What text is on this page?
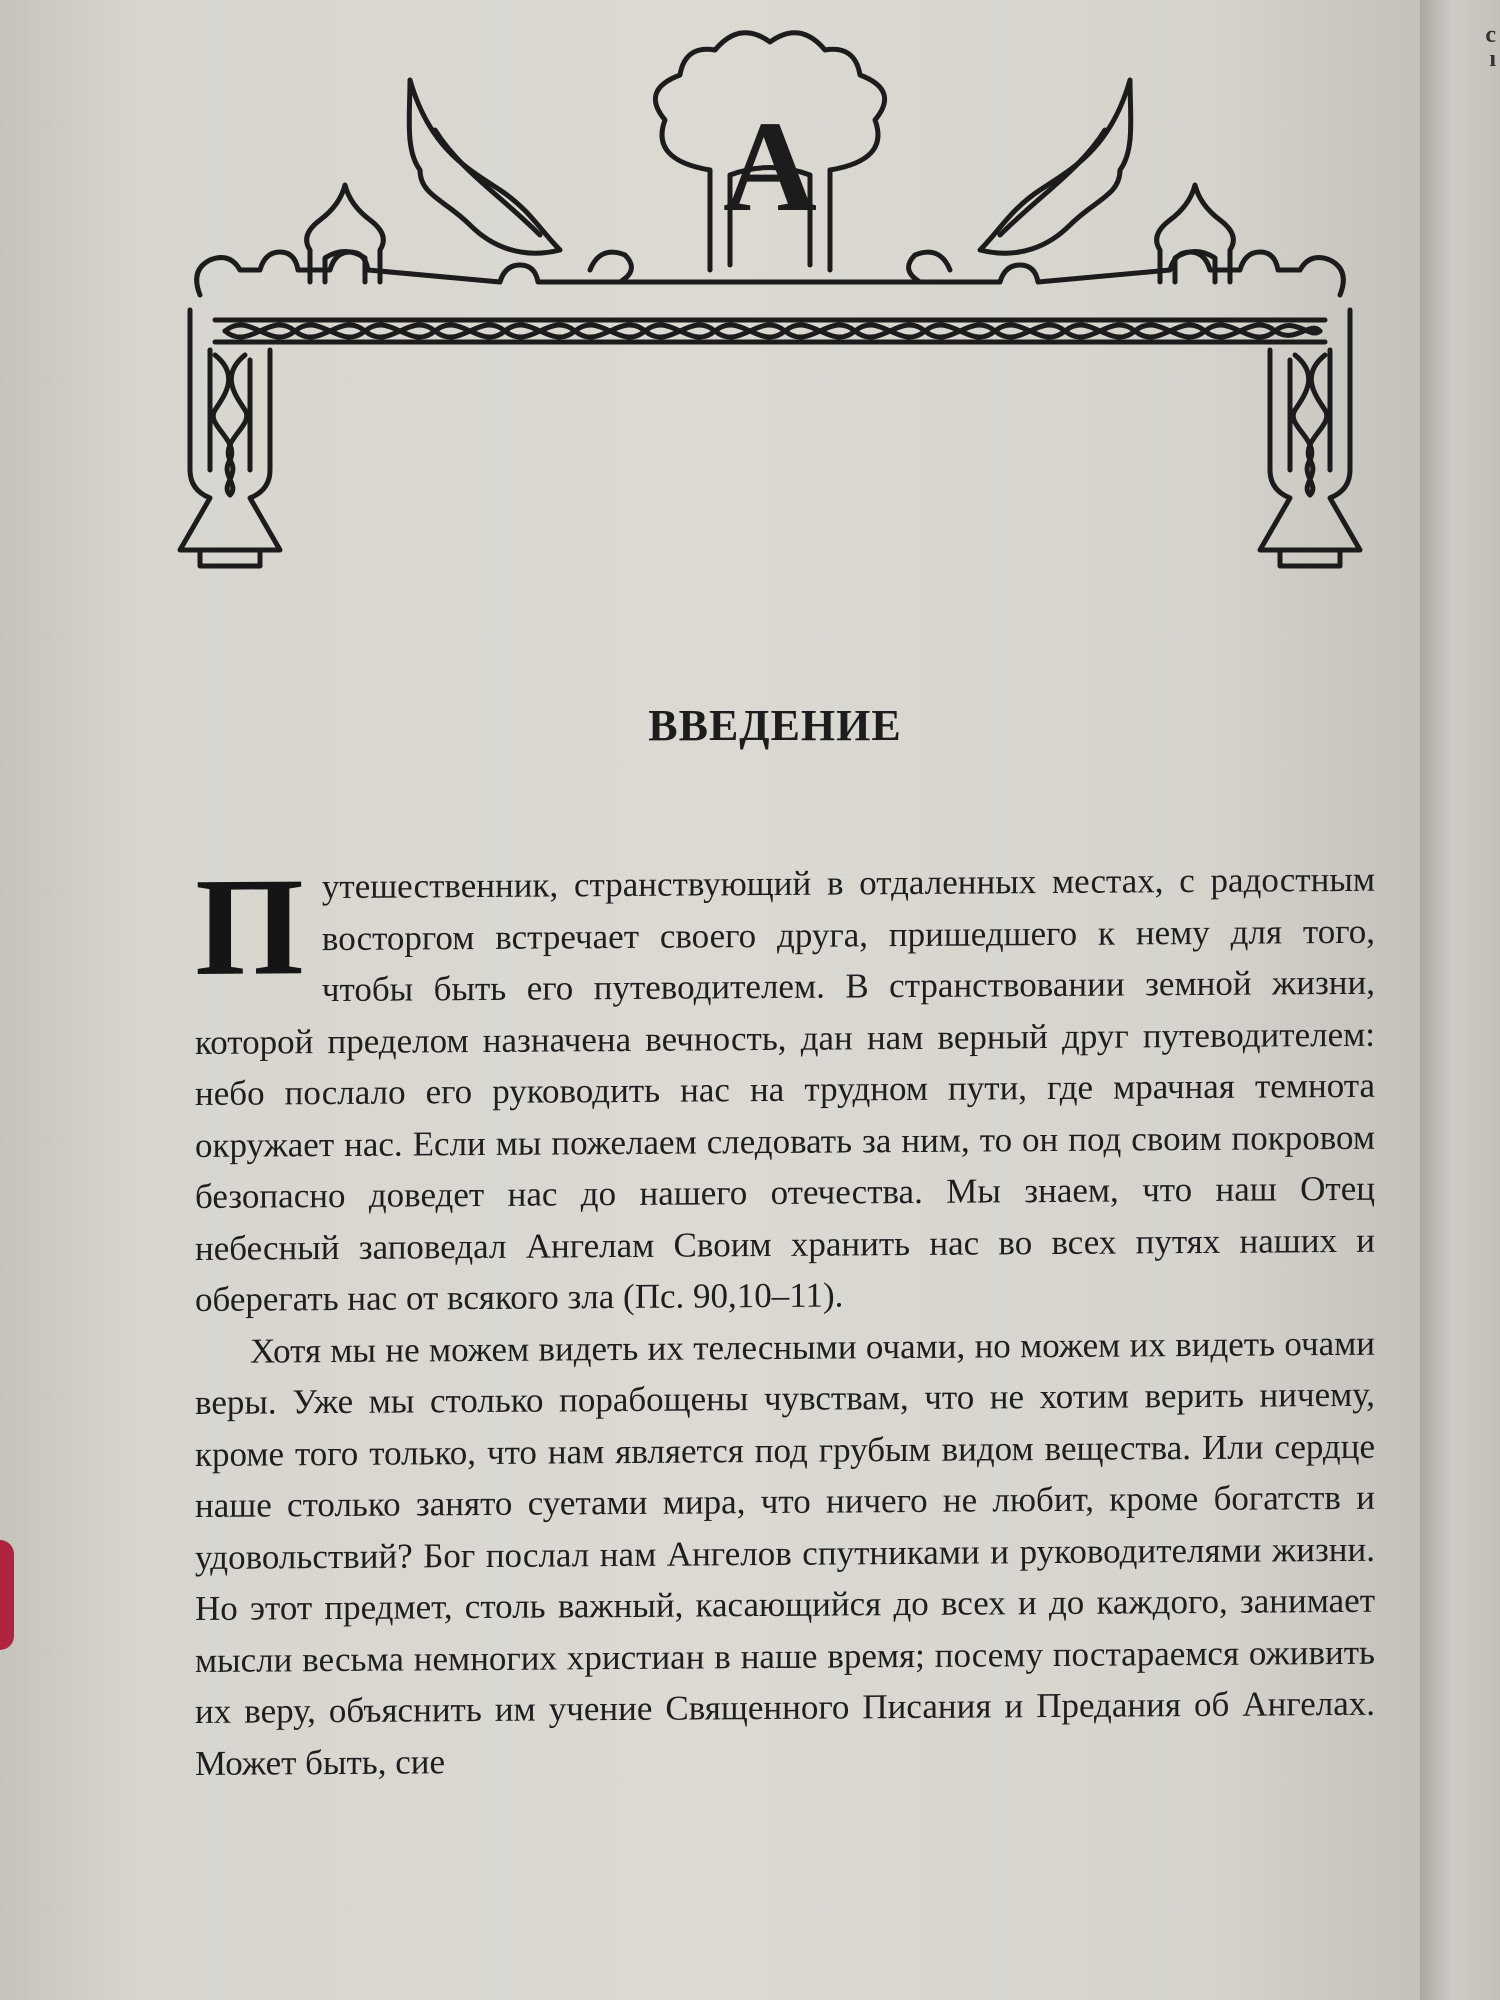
А
ВВЕДЕНИЕ

Путешественник, странствующий в отдаленных местах, с радостным восторгом встречает своего друга, пришедшего к нему для того, чтобы быть его путеводителем. В странствовании земной жизни, которой пределом назначена вечность, дан нам верный друг путеводителем: небо послало его руководить нас на трудном пути, где мрачная темнота окружает нас. Если мы пожелаем следовать за ним, то он под своим покровом безопасно доведет нас до нашего отечества. Мы знаем, что наш Отец небесный заповедал Ангелам Своим хранить нас во всех путях наших и оберегать нас от всякого зла (Пс. 90,10–11).

Хотя мы не можем видеть их телесными очами, но можем их видеть очами веры. Уже мы столько порабощены чувствам, что не хотим верить ничему, кроме того только, что нам является под грубым видом вещества. Или сердце наше столько занято суетами мира, что ничего не любит, кроме богатств и удовольствий? Бог послал нам Ангелов спутниками и руководителями жизни. Но этот предмет, столь важный, касающийся до всех и до каждого, занимает мысли весьма немногих христиан в наше время; посему постараемся оживить их веру, объяснить им учение Священного Писания и Предания об Ангелах. Может быть, сие

с
ı
